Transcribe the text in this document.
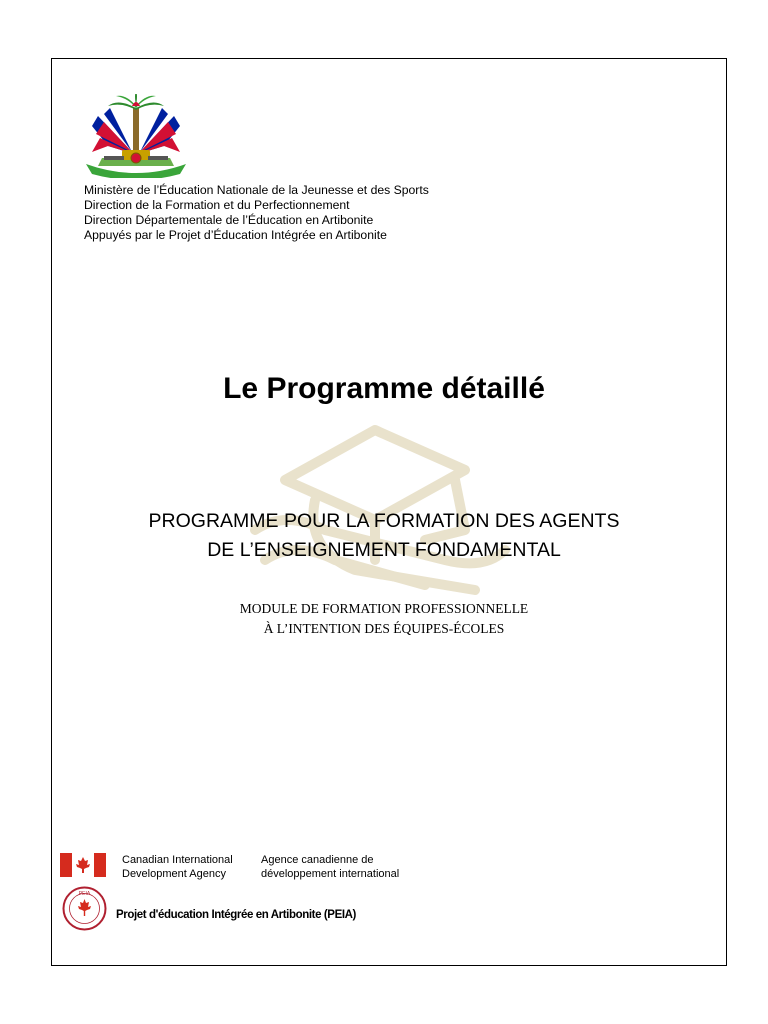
Ministère de l’Éducation Nationale de la Jeunesse et des Sports
Direction de la Formation et du Perfectionnement
Direction Départementale de l’Éducation en Artibonite
Appuyés par le Projet d’Éducation Intégrée en Artibonite
Le Programme détaillé
PROGRAMME POUR LA FORMATION DES AGENTS
DE L’ENSEIGNEMENT FONDAMENTAL
MODULE DE FORMATION PROFESSIONNELLE
À L’INTENTION DES ÉQUIPES-ÉCOLES
Canadian International
Development Agency
Agence canadienne de
développement international
PEIA
Projet d'éducation Intégrée en Artibonite (PEIA)
